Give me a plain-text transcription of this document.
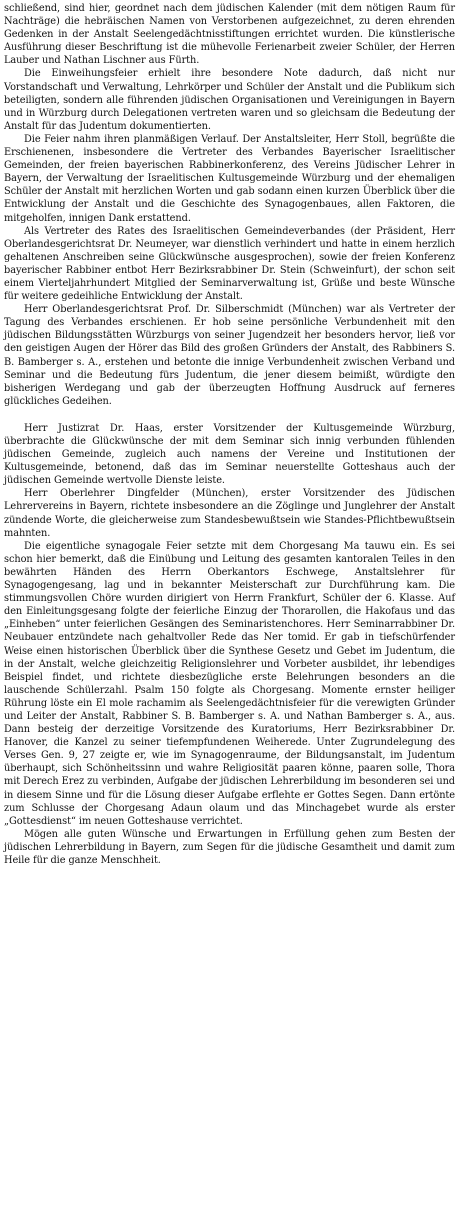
schließend, sind hier, geordnet nach dem jüdischen Kalender (mit dem nötigen Raum für Nachträge) die hebräischen Namen von Verstorbenen aufgezeichnet, zu deren ehrenden Gedenken in der Anstalt Seelengedächtnisstiftungen errichtet wurden. Die künstlerische Ausführung dieser Beschriftung ist die mühevolle Ferienarbeit zweier Schüler, der Herren Lauber und Nathan Lischner aus Fürth.

Die Einweihungsfeier erhielt ihre besondere Note dadurch, daß nicht nur Vorstandschaft und Verwaltung, Lehrkörper und Schüler der Anstalt und die Publikum sich beteiligten, sondern alle führenden jüdischen Organisationen und Vereinigungen in Bayern und in Würzburg durch Delegationen vertreten waren und so gleichsam die Bedeutung der Anstalt für das Judentum dokumentierten.

Die Feier nahm ihren planmäßigen Verlauf. Der Anstaltsleiter, Herr Stoll, begrüßte die Erschienenen, insbesondere die Vertreter des Verbandes Bayerischer Israelitischer Gemeinden, der freien bayerischen Rabbinerkonferenz, des Vereins Jüdischer Lehrer in Bayern, der Verwaltung der Israelitischen Kultusgemeinde Würzburg und der ehemaligen Schüler der Anstalt mit herzlichen Worten und gab sodann einen kurzen Überblick über die Entwicklung der Anstalt und die Geschichte des Synagogenbaues, allen Faktoren, die mitgeholfen, innigen Dank erstattend.

Als Vertreter des Rates des Israelitischen Gemeindeverbandes (der Präsident, Herr Oberlandesgerichtsrat Dr. Neumeyer, war dienstlich verhindert und hatte in einem herzlich gehaltenen Anschreiben seine Glückwünsche ausgesprochen), sowie der freien Konferenz bayerischer Rabbiner entbot Herr Bezirksrabbiner Dr. Stein (Schweinfurt), der schon seit einem Vierteljahrhundert Mitglied der Seminarverwaltung ist, Grüße und beste Wünsche für weitere gedeihliche Entwicklung der Anstalt.

Herr Oberlandesgerichtsrat Prof. Dr. Silberschmidt (München) war als Vertreter der Tagung des Verbandes erschienen. Er hob seine persönliche Verbundenheit mit den jüdischen Bildungsstätten Würzburgs von seiner Jugendzeit her besonders hervor, ließ vor den geistigen Augen der Hörer das Bild des großen Gründers der Anstalt, des Rabbiners S. B. Bamberger s. A., erstehen und betonte die innige Verbundenheit zwischen Verband und Seminar und die Bedeutung fürs Judentum, die jener diesem beimißt, würdigte den bisherigen Werdegang und gab der überzeugten Hoffnung Ausdruck auf ferneres glückliches Gedeihen.

Herr Justizrat Dr. Haas, erster Vorsitzender der Kultusgemeinde Würzburg, überbrachte die Glückwünsche der mit dem Seminar sich innig verbunden fühlenden jüdischen Gemeinde, zugleich auch namens der Vereine und Institutionen der Kultusgemeinde, betonend, daß das im Seminar neuerstellte Gotteshaus auch der jüdischen Gemeinde wertvolle Dienste leiste.

Herr Oberlehrer Dingfelder (München), erster Vorsitzender des Jüdischen Lehrervereins in Bayern, richtete insbesondere an die Zöglinge und Junglehrer der Anstalt zündende Worte, die gleicherweise zum Standesbewußtsein wie Standes-Pflichtbewußtsein mahnten.

Die eigentliche synagogale Feier setzte mit dem Chorgesang Ma tauwu ein. Es sei schon hier bemerkt, daß die Einübung und Leitung des gesamten kantoralen Teiles in den bewährten Händen des Herrn Oberkantors Eschwege, Anstaltslehrer für Synagogengesang, lag und in bekannter Meisterschaft zur Durchführung kam. Die stimmungsvollen Chöre wurden dirigiert von Herrn Frankfurt, Schüler der 6. Klasse. Auf den Einleitungsgesang folgte der feierliche Einzug der Thorarollen, die Hakofaus und das „Einheben“ unter feierlichen Gesängen des Seminaristenchores. Herr Seminarrabbiner Dr. Neubauer entzündete nach gehaltvoller Rede das Ner tomid. Er gab in tiefschürfender Weise einen historischen Überblick über die Synthese Gesetz und Gebet im Judentum, die in der Anstalt, welche gleichzeitig Religionslehrer und Vorbeter ausbildet, ihr lebendiges Beispiel findet, und richtete diesbezügliche erste Belehrungen besonders an die lauschende Schülerzahl. Psalm 150 folgte als Chorgesang. Momente ernster heiliger Rührung löste ein El mole rachamim als Seelengedächtnisfeier für die verewigten Gründer und Leiter der Anstalt, Rabbiner S. B. Bamberger s. A. und Nathan Bamberger s. A., aus. Dann besteig der derzeitige Vorsitzende des Kuratoriums, Herr Bezirksrabbiner Dr. Hanover, die Kanzel zu seiner tiefempfundenen Weiherede. Unter Zugrundelegung des Verses Gen. 9, 27 zeigte er, wie im Synagogenraume, der Bildungsanstalt, im Judentum überhaupt, sich Schönheitssinn und wahre Religiosität paaren könne, paaren solle, Thora mit Derech Erez zu verbinden, Aufgabe der jüdischen Lehrerbildung im besonderen sei und in diesem Sinne und für die Lösung dieser Aufgabe erflehte er Gottes Segen. Dann ertönte zum Schlusse der Chorgesang Adaun olaum und das Minchagebet wurde als erster „Gottesdienst“ im neuen Gotteshause verrichtet.

Mögen alle guten Wünsche und Erwartungen in Erfüllung gehen zum Besten der jüdischen Lehrerbildung in Bayern, zum Segen für die jüdische Gesamtheit und damit zum Heile für die ganze Menschheit.
